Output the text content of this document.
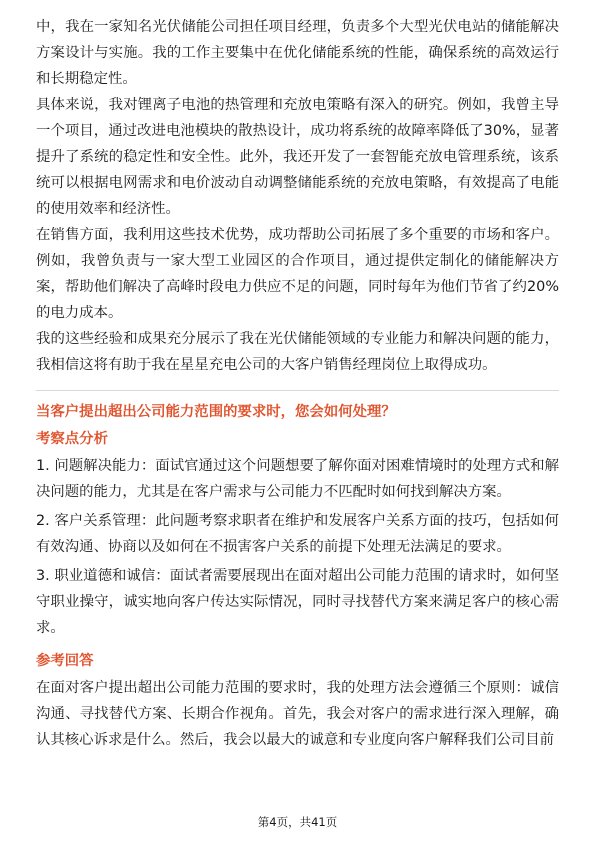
中，我在一家知名光伏储能公司担任项目经理，负责多个大型光伏电站的储能解决方案设计与实施。我的工作主要集中在优化储能系统的性能，确保系统的高效运行和长期稳定性。

具体来说，我对锂离子电池的热管理和充放电策略有深入的研究。例如，我曾主导一个项目，通过改进电池模块的散热设计，成功将系统的故障率降低了30%，显著提升了系统的稳定性和安全性。此外，我还开发了一套智能充放电管理系统，该系统可以根据电网需求和电价波动自动调整储能系统的充放电策略，有效提高了电能的使用效率和经济性。

在销售方面，我利用这些技术优势，成功帮助公司拓展了多个重要的市场和客户。例如，我曾负责与一家大型工业园区的合作项目，通过提供定制化的储能解决方案，帮助他们解决了高峰时段电力供应不足的问题，同时每年为他们节省了约20%的电力成本。

我的这些经验和成果充分展示了我在光伏储能领域的专业能力和解决问题的能力，我相信这将有助于我在星星充电公司的大客户销售经理岗位上取得成功。

当客户提出超出公司能力范围的要求时，您会如何处理？

考察点分析

1. 问题解决能力：面试官通过这个问题想要了解你面对困难情境时的处理方式和解决问题的能力，尤其是在客户需求与公司能力不匹配时如何找到解决方案。

2. 客户关系管理：此问题考察求职者在维护和发展客户关系方面的技巧，包括如何有效沟通、协商以及如何在不损害客户关系的前提下处理无法满足的要求。

3. 职业道德和诚信：面试者需要展现出在面对超出公司能力范围的请求时，如何坚守职业操守，诚实地向客户传达实际情况，同时寻找替代方案来满足客户的核心需求。

参考回答

在面对客户提出超出公司能力范围的要求时，我的处理方法会遵循三个原则：诚信沟通、寻找替代方案、长期合作视角。首先，我会对客户的需求进行深入理解，确认其核心诉求是什么。然后，我会以最大的诚意和专业度向客户解释我们公司目前

第4页，共41页
